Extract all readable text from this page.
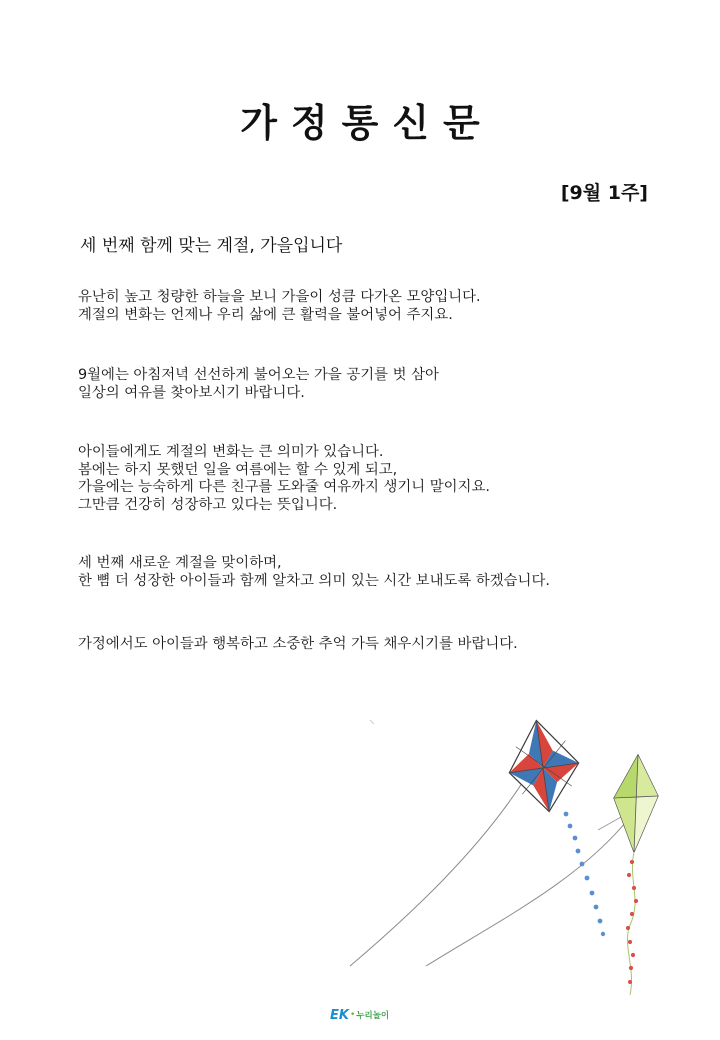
가정통신문
[9월 1주]
세 번째 함께 맞는 계절, 가을입니다
유난히 높고 청량한 하늘을 보니 가을이 성큼 다가온 모양입니다.
계절의 변화는 언제나 우리 삶에 큰 활력을 불어넣어 주지요.
9월에는 아침저녁 선선하게 불어오는 가을 공기를 벗 삼아
일상의 여유를 찾아보시기 바랍니다.
아이들에게도 계절의 변화는 큰 의미가 있습니다.
봄에는 하지 못했던 일을 여름에는 할 수 있게 되고,
가을에는 능숙하게 다른 친구를 도와줄 여유까지 생기니 말이지요.
그만큼 건강히 성장하고 있다는 뜻입니다.
세 번째 새로운 계절을 맞이하며,
한 뼘 더 성장한 아이들과 함께 알차고 의미 있는 시간 보내도록 하겠습니다.
가정에서도 아이들과 행복하고 소중한 추억 가득 채우시기를 바랍니다.
EK • 누리놀이
